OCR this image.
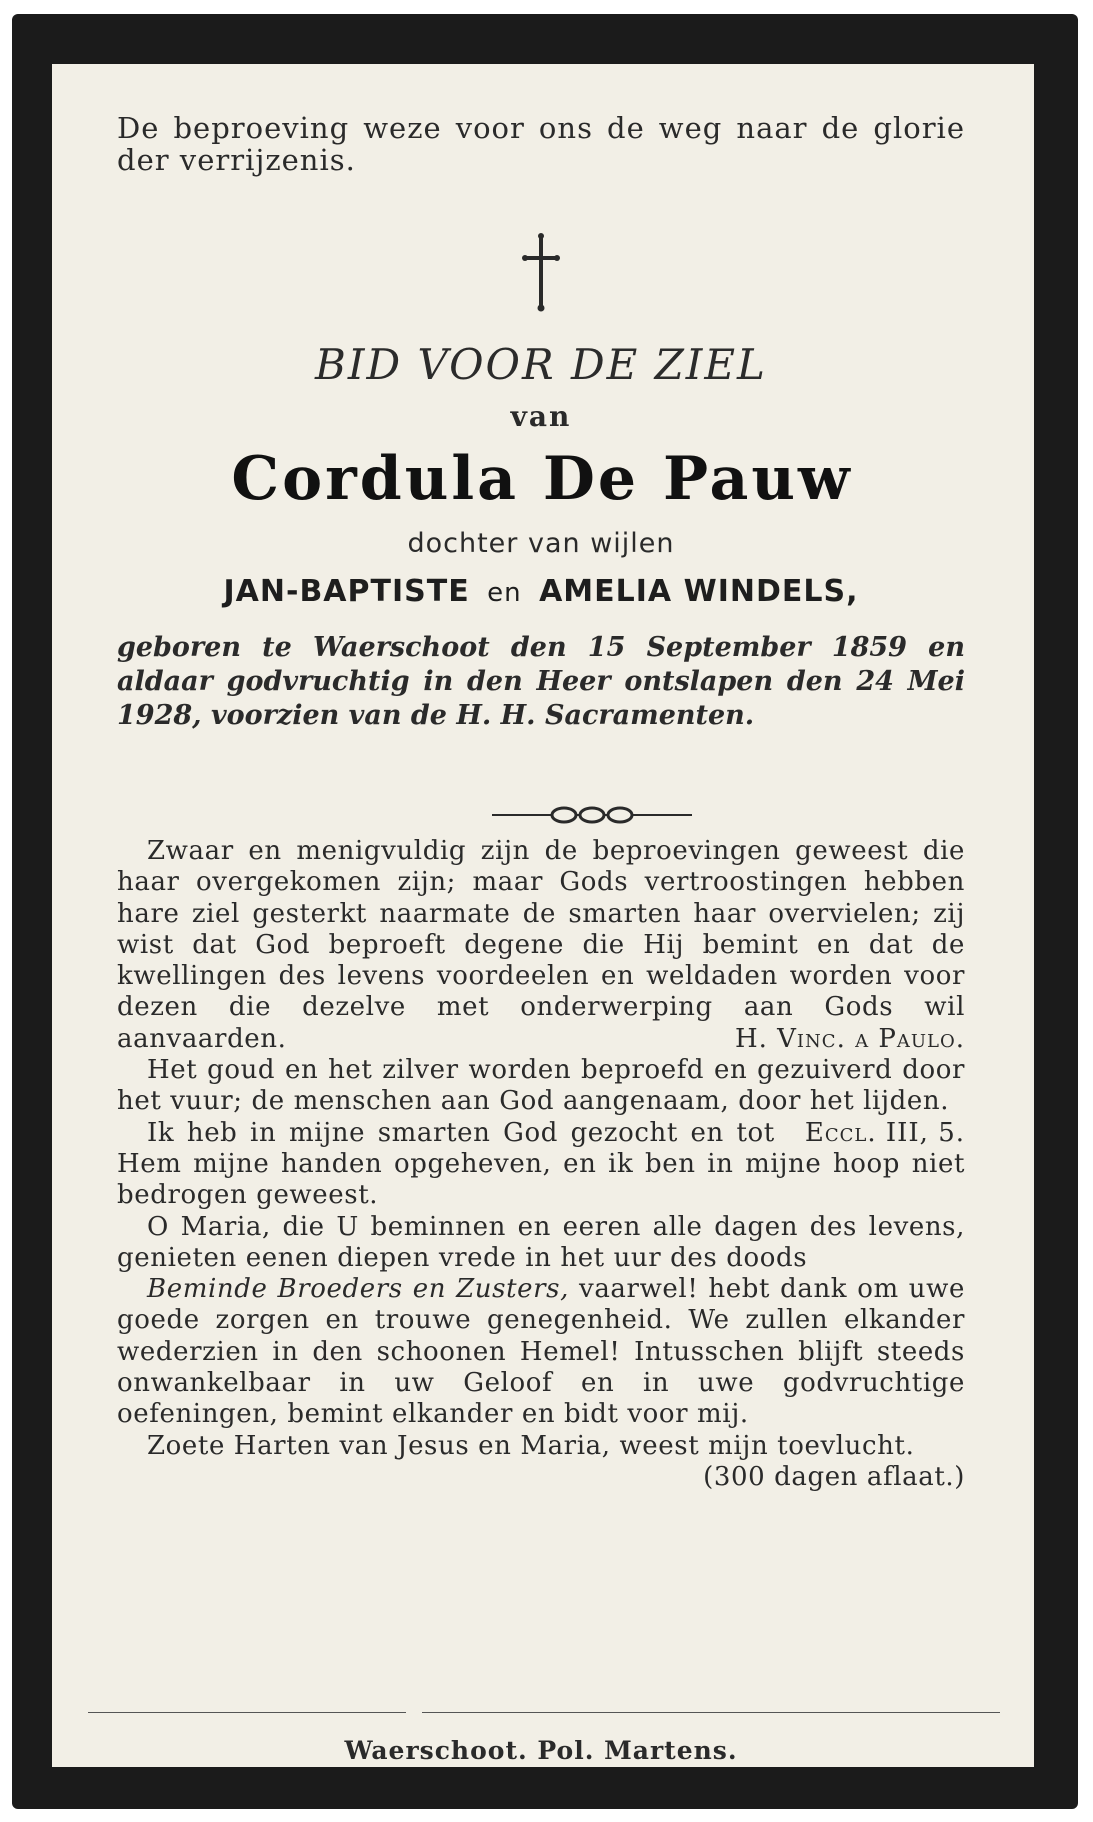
De beproeving weze voor ons de weg naar de glorie der verrijzenis.

BID VOOR DE ZIEL

van

Cordula De Pauw

dochter van wijlen

JAN-BAPTISTE en AMELIA WINDELS,

geboren te Waerschoot den 15 September 1859 en aldaar godvruchtig in den Heer ontslapen den 24 Mei 1928, voorzien van de H. H. Sacramenten.

Zwaar en menigvuldig zijn de beproevingen geweest die haar overgekomen zijn; maar Gods vertroostingen hebben hare ziel gesterkt naarmate de smarten haar overvielen; zij wist dat God beproeft degene die Hij bemint en dat de kwellingen des levens voordeelen en weldaden worden voor dezen die dezelve met onderwerping aan Gods wil aanvaarden.	H. Vinc. a Paulo.

Het goud en het zilver worden beproefd en gezuiverd door het vuur; de menschen aan God aangenaam, door het lijden.
Eccl. III, 5.

Ik heb in mijne smarten God gezocht en tot Hem mijne handen opgeheven, en ik ben in mijne hoop niet bedrogen geweest.

O Maria, die U beminnen en eeren alle dagen des levens, genieten eenen diepen vrede in het uur des doods

Beminde Broeders en Zusters, vaarwel! hebt dank om uwe goede zorgen en trouwe genegenheid. We zullen elkander wederzien in den schoonen Hemel! Intusschen blijft steeds onwankelbaar in uw Geloof en in uwe godvruchtige oefeningen, bemint elkander en bidt voor mij.

Zoete Harten van Jesus en Maria, weest mijn toevlucht.
(300 dagen aflaat.)

Waerschoot. Pol. Martens.
